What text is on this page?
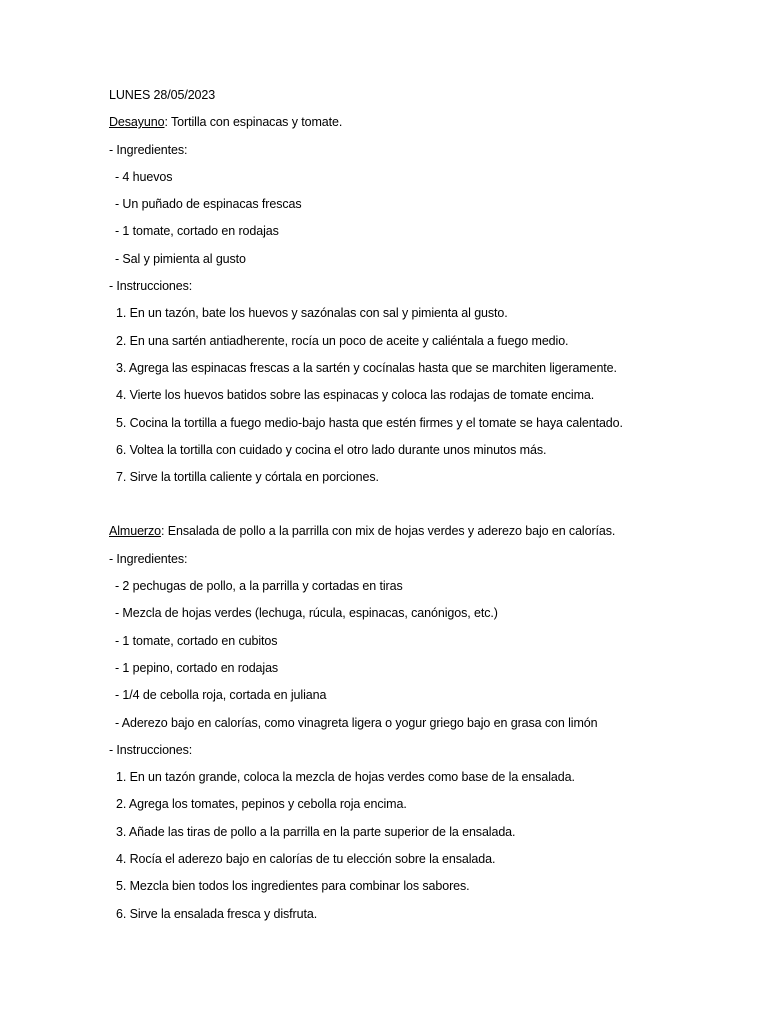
LUNES 28/05/2023
Desayuno: Tortilla con espinacas y tomate.
- Ingredientes:
- 4 huevos
- Un puñado de espinacas frescas
- 1 tomate, cortado en rodajas
- Sal y pimienta al gusto
- Instrucciones:
1. En un tazón, bate los huevos y sazónalas con sal y pimienta al gusto.
2. En una sartén antiadherente, rocía un poco de aceite y caliéntala a fuego medio.
3. Agrega las espinacas frescas a la sartén y cocínalas hasta que se marchiten ligeramente.
4. Vierte los huevos batidos sobre las espinacas y coloca las rodajas de tomate encima.
5. Cocina la tortilla a fuego medio-bajo hasta que estén firmes y el tomate se haya calentado.
6. Voltea la tortilla con cuidado y cocina el otro lado durante unos minutos más.
7. Sirve la tortilla caliente y córtala en porciones.
Almuerzo: Ensalada de pollo a la parrilla con mix de hojas verdes y aderezo bajo en calorías.
- Ingredientes:
- 2 pechugas de pollo, a la parrilla y cortadas en tiras
- Mezcla de hojas verdes (lechuga, rúcula, espinacas, canónigos, etc.)
- 1 tomate, cortado en cubitos
- 1 pepino, cortado en rodajas
- 1/4 de cebolla roja, cortada en juliana
- Aderezo bajo en calorías, como vinagreta ligera o yogur griego bajo en grasa con limón
- Instrucciones:
1. En un tazón grande, coloca la mezcla de hojas verdes como base de la ensalada.
2. Agrega los tomates, pepinos y cebolla roja encima.
3. Añade las tiras de pollo a la parrilla en la parte superior de la ensalada.
4. Rocía el aderezo bajo en calorías de tu elección sobre la ensalada.
5. Mezcla bien todos los ingredientes para combinar los sabores.
6. Sirve la ensalada fresca y disfruta.
